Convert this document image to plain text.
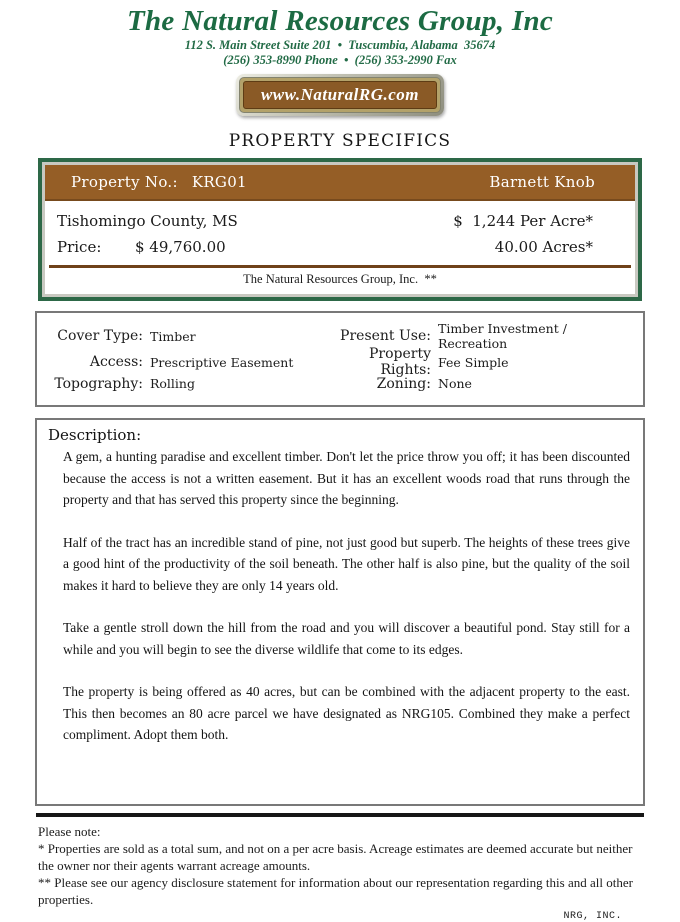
The Natural Resources Group, Inc
112 S. Main Street Suite 201  •  Tuscumbia, Alabama  35674
(256) 353-8990 Phone  •  (256) 353-2990 Fax
www.NaturalRG.com
PROPERTY SPECIFICS
Property No.: KRG01	Barnett Knob
Tishomingo County, MS	$  1,244 Per Acre*
Price:	$ 49,760.00	40.00 Acres*
The Natural Resources Group, Inc.  **
Cover Type: Timber	Present Use: Timber Investment / Recreation
Access: Prescriptive Easement	Property Rights: Fee Simple
Topography: Rolling	Zoning: None
Description:

A gem, a hunting paradise and excellent timber. Don't let the price throw you off; it has been discounted because the access is not a written easement. But it has an excellent woods road that runs through the property and that has served this property since the beginning.

Half of the tract has an incredible stand of pine, not just good but superb. The heights of these trees give a good hint of the productivity of the soil beneath. The other half is also pine, but the quality of the soil makes it hard to believe they are only 14 years old.

Take a gentle stroll down the hill from the road and you will discover a beautiful pond. Stay still for a while and you will begin to see the diverse wildlife that come to its edges.

The property is being offered as 40 acres, but can be combined with the adjacent property to the east. This then becomes an 80 acre parcel we have designated as NRG105. Combined they make a perfect compliment. Adopt them both.

Please note:
* Properties are sold as a total sum, and not on a per acre basis. Acreage estimates are deemed accurate but neither the owner nor their agents warrant acreage amounts.
** Please see our agency disclosure statement for information about our representation regarding this and all other properties.
NRG, INC.
